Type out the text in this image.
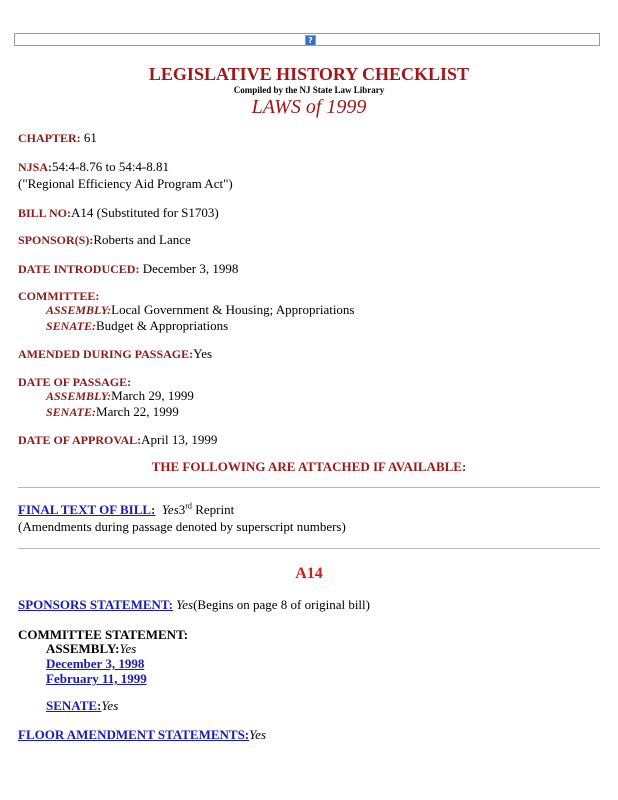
?
LEGISLATIVE HISTORY CHECKLIST
Compiled by the NJ State Law Library
LAWS of 1999
CHAPTER: 61
NJSA:54:4-8.76 to 54:4-8.81
("Regional Efficiency Aid Program Act")
BILL NO:A14 (Substituted for S1703)
SPONSOR(S):Roberts and Lance
DATE INTRODUCED: December 3, 1998
COMMITTEE:
ASSEMBLY:Local Government & Housing; Appropriations
SENATE:Budget & Appropriations
AMENDED DURING PASSAGE:Yes
DATE OF PASSAGE:
ASSEMBLY:March 29, 1999
SENATE:March 22, 1999
DATE OF APPROVAL:April 13, 1999
THE FOLLOWING ARE ATTACHED IF AVAILABLE:
FINAL TEXT OF BILL: Yes3rd Reprint
(Amendments during passage denoted by superscript numbers)
A14
SPONSORS STATEMENT: Yes(Begins on page 8 of original bill)
COMMITTEE STATEMENT:
ASSEMBLY:Yes
December 3, 1998
February 11, 1999
SENATE:Yes
FLOOR AMENDMENT STATEMENTS:Yes
